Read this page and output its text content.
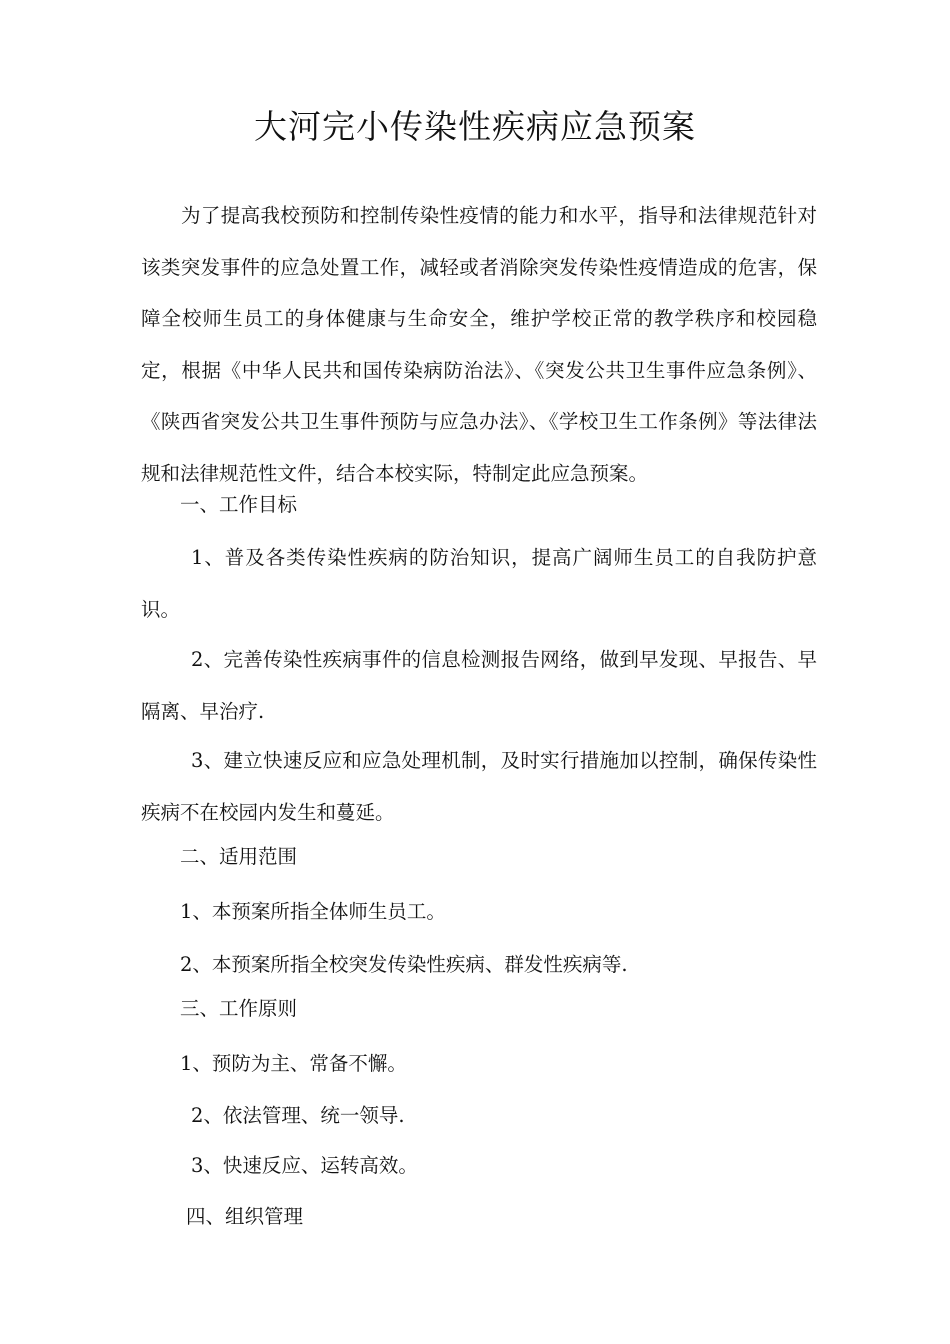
大河完小传染性疾病应急预案

为了提高我校预防和控制传染性疫情的能力和水平，指导和法律规范针对该类突发事件的应急处置工作，减轻或者消除突发传染性疫情造成的危害，保障全校师生员工的身体健康与生命安全，维护学校正常的教学秩序和校园稳定，根据《中华人民共和国传染病防治法》、《突发公共卫生事件应急条例》、《陕西省突发公共卫生事件预防与应急办法》、《学校卫生工作条例》等法律法规和法律规范性文件，结合本校实际，特制定此应急预案。

一、工作目标

1、普及各类传染性疾病的防治知识，提高广阔师生员工的自我防护意识。

2、完善传染性疾病事件的信息检测报告网络，做到早发现、早报告、早隔离、早治疗.

3、建立快速反应和应急处理机制，及时实行措施加以控制，确保传染性疾病不在校园内发生和蔓延。

二、适用范围

1、本预案所指全体师生员工。

2、本预案所指全校突发传染性疾病、群发性疾病等.

三、工作原则

1、预防为主、常备不懈。

2、依法管理、统一领导.

3、快速反应、运转高效。

四、组织管理
